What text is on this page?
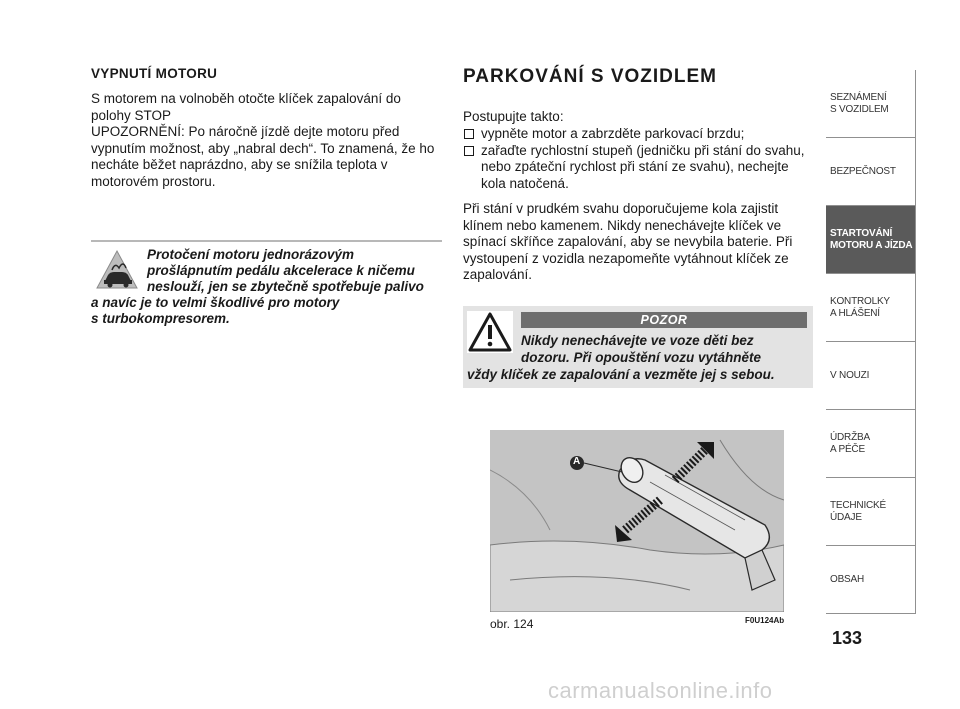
VYPNUTÍ MOTORU
S motorem na volnoběh otočte klíček zapalování do polohy STOP
UPOZORNĚNÍ: Po náročně jízdě dejte motoru před vypnutím možnost, aby „nabral dech“. To znamená, že ho necháte běžet naprázdno, aby se snížila teplota v motorovém prostoru.
Protočení motoru jednorázovým
prošlápnutím pedálu akcelerace k ničemu
neslouží, jen se zbytečně spotřebuje palivo
a navíc je to velmi škodlivé pro motory
s turbokompresorem.
PARKOVÁNÍ S VOZIDLEM
Postupujte takto:
vypněte motor a zabrzděte parkovací brzdu;
zařaďte rychlostní stupeň (jedničku při stání do svahu, nebo zpáteční rychlost při stání ze svahu), nechejte kola natočená.
Při stání v prudkém svahu doporučujeme kola zajistit klínem nebo kamenem. Nikdy nenechávejte klíček ve spínací skříňce zapalování, aby se nevybila baterie. Při vystoupení z vozidla nezapomeňte vytáhnout klíček ze zapalování.
POZOR
Nikdy nenechávejte ve voze děti bez
dozoru. Při opouštění vozu vytáhněte
vždy klíček ze zapalování a vezměte jej s sebou.
A
obr. 124	F0U124Ab
SEZNÁMENÍ
S VOZIDLEM
BEZPEČNOST
STARTOVÁNÍ
MOTORU A JÍZDA
KONTROLKY
A HLÁŠENÍ
V NOUZI
ÚDRŽBA
A PÉČE
TECHNICKÉ
ÚDAJE
OBSAH
133
carmanualsonline.info
